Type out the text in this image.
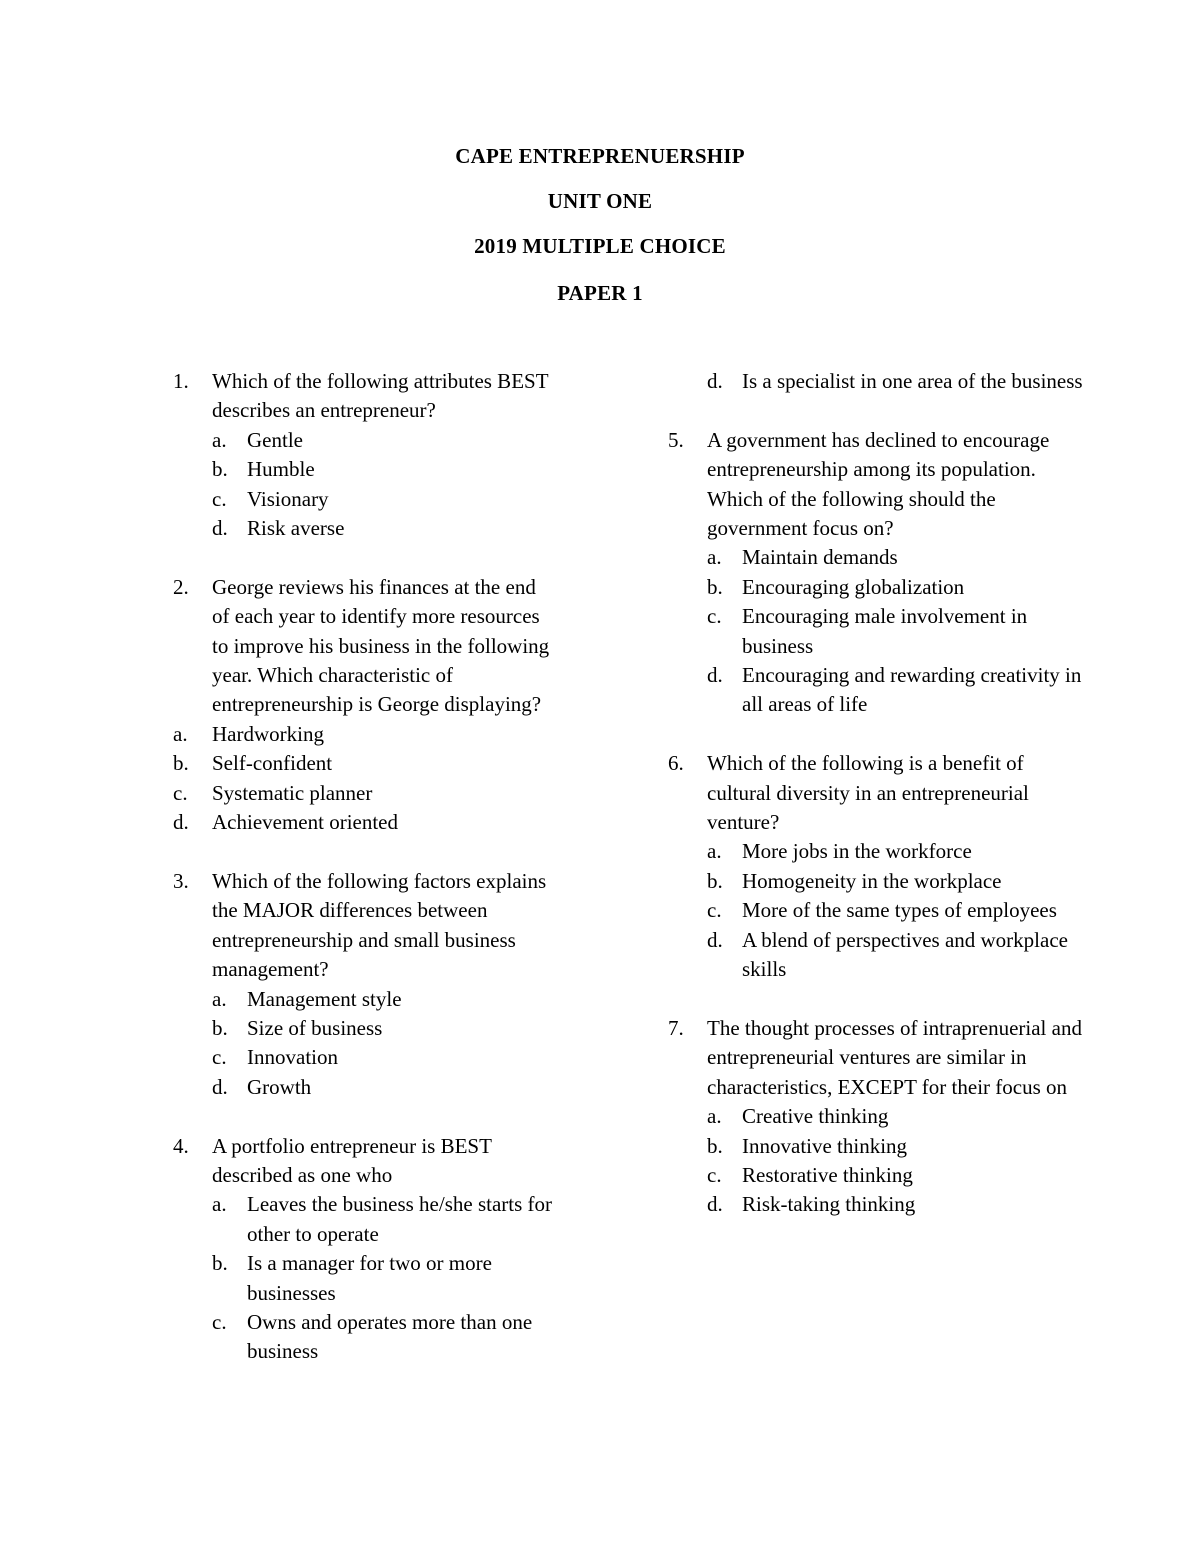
CAPE ENTREPRENUERSHIP
UNIT ONE
2019 MULTIPLE CHOICE
PAPER 1
1.	Which of the following attributes BEST describes an entrepreneur?
a. Gentle
b. Humble
c. Visionary
d. Risk averse
2.	George reviews his finances at the end of each year to identify more resources to improve his business in the following year. Which characteristic of entrepreneurship is George displaying?
a.	Hardworking
b.	Self-confident
c.	Systematic planner
d.	Achievement oriented
3.	Which of the following factors explains the MAJOR differences between entrepreneurship and small business management?
a. Management style
b. Size of business
c. Innovation
d. Growth
4.	A portfolio entrepreneur is BEST described as one who
a. Leaves the business he/she starts for other to operate
b. Is a manager for two or more businesses
c. Owns and operates more than one business
d. Is a specialist in one area of the business
5.	A government has declined to encourage entrepreneurship among its population. Which of the following should the government focus on?
a. Maintain demands
b. Encouraging globalization
c. Encouraging male involvement in business
d. Encouraging and rewarding creativity in all areas of life
6.	Which of the following is a benefit of cultural diversity in an entrepreneurial venture?
a. More jobs in the workforce
b. Homogeneity in the workplace
c. More of the same types of employees
d. A blend of perspectives and workplace skills
7.	The thought processes of intraprenuerial and entrepreneurial ventures are similar in characteristics, EXCEPT for their focus on
a. Creative thinking
b. Innovative thinking
c. Restorative thinking
d. Risk-taking thinking
